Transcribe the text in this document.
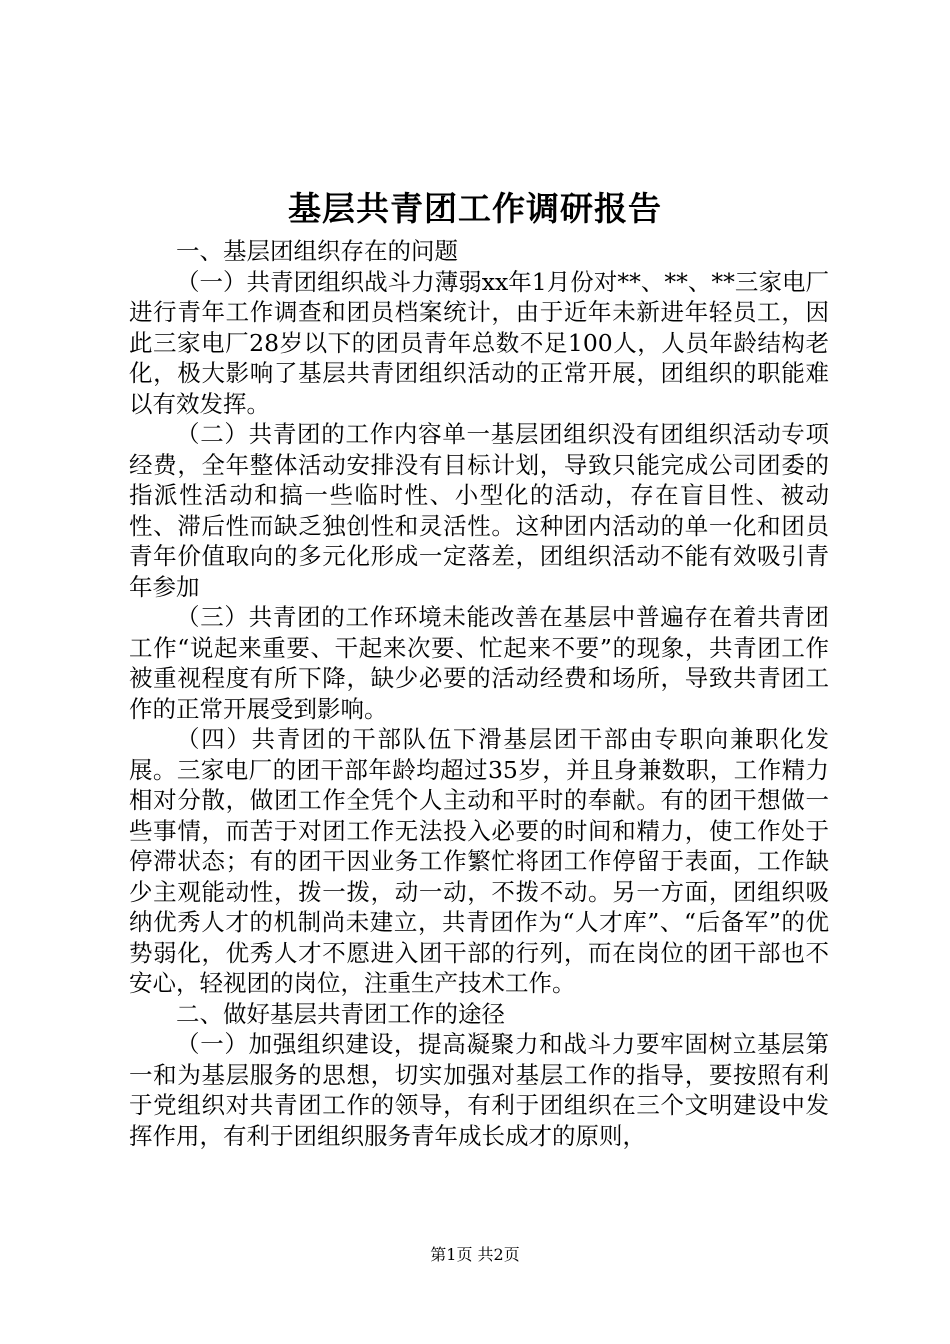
基层共青团工作调研报告

一、基层团组织存在的问题

（一）共青团组织战斗力薄弱xx年1月份对**、**、**三家电厂进行青年工作调查和团员档案统计，由于近年未新进年轻员工，因此三家电厂28岁以下的团员青年总数不足100人，人员年龄结构老化，极大影响了基层共青团组织活动的正常开展，团组织的职能难以有效发挥。

（二）共青团的工作内容单一基层团组织没有团组织活动专项经费，全年整体活动安排没有目标计划，导致只能完成公司团委的指派性活动和搞一些临时性、小型化的活动，存在盲目性、被动性、滞后性而缺乏独创性和灵活性。这种团内活动的单一化和团员青年价值取向的多元化形成一定落差，团组织活动不能有效吸引青年参加

（三）共青团的工作环境未能改善在基层中普遍存在着共青团工作“说起来重要、干起来次要、忙起来不要”的现象，共青团工作被重视程度有所下降，缺少必要的活动经费和场所，导致共青团工作的正常开展受到影响。

（四）共青团的干部队伍下滑基层团干部由专职向兼职化发展。三家电厂的团干部年龄均超过35岁，并且身兼数职，工作精力相对分散，做团工作全凭个人主动和平时的奉献。有的团干想做一些事情，而苦于对团工作无法投入必要的时间和精力，使工作处于停滞状态；有的团干因业务工作繁忙将团工作停留于表面，工作缺少主观能动性，拨一拨，动一动，不拨不动。另一方面，团组织吸纳优秀人才的机制尚未建立，共青团作为“人才库”、“后备军”的优势弱化，优秀人才不愿进入团干部的行列，而在岗位的团干部也不安心，轻视团的岗位，注重生产技术工作。

二、做好基层共青团工作的途径

（一）加强组织建设，提高凝聚力和战斗力要牢固树立基层第一和为基层服务的思想，切实加强对基层工作的指导，要按照有利于党组织对共青团工作的领导，有利于团组织在三个文明建设中发挥作用，有利于团组织服务青年成长成才的原则，

第1页 共2页
